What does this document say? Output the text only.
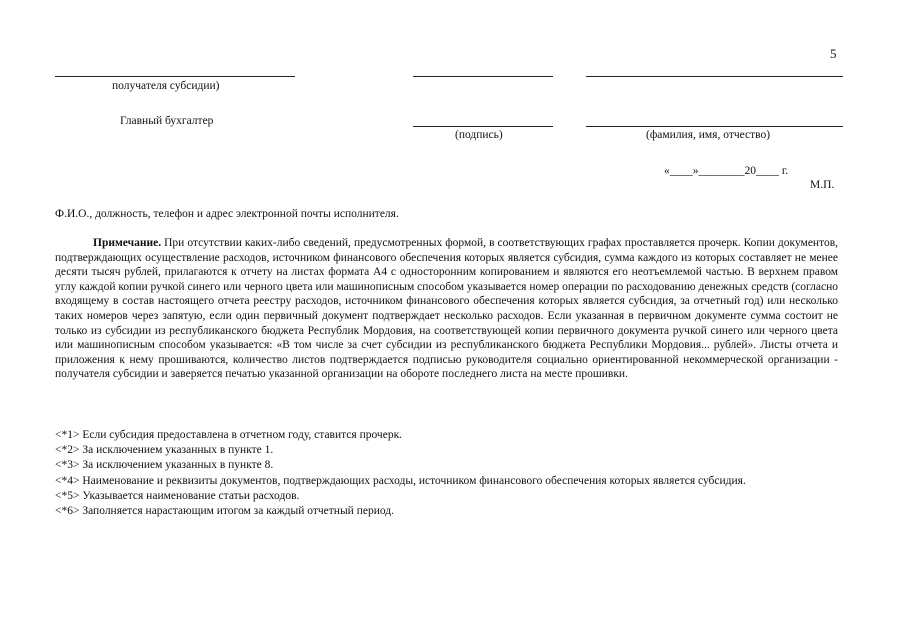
5
получателя субсидии)
Главный бухгалтер
(подпись)	(фамилия, имя, отчество)
«____»________20____ г.
М.П.
Ф.И.О., должность, телефон и адрес электронной почты исполнителя.
Примечание. При отсутствии каких-либо сведений, предусмотренных формой, в соответствующих графах проставляется прочерк. Копии документов, подтверждающих осуществление расходов, источником финансового обеспечения которых является субсидия, сумма каждого из которых составляет не менее десяти тысяч рублей, прилагаются к отчету на листах формата А4 с односторонним копированием и являются его неотъемлемой частью. В верхнем правом углу каждой копии ручкой синего или черного цвета или машинописным способом указывается номер операции по расходованию денежных средств (согласно входящему в состав настоящего отчета реестру расходов, источником финансового обеспечения которых является субсидия, за отчетный год) или несколько таких номеров через запятую, если один первичный документ подтверждает несколько расходов. Если указанная в первичном документе сумма состоит не только из субсидии из республиканского бюджета Республик Мордовия, на соответствующей копии первичного документа ручкой синего или черного цвета или машинописным способом указывается: «В том числе за счет субсидии из республиканского бюджета Республики Мордовия... рублей». Листы отчета и приложения к нему прошиваются, количество листов подтверждается подписью руководителя социально ориентированной некоммерческой организации - получателя субсидии и заверяется печатью указанной организации на обороте последнего листа на месте прошивки.
<*1> Если субсидия предоставлена в отчетном году, ставится прочерк.
<*2> За исключением указанных в пункте 1.
<*3> За исключением указанных в пункте 8.
<*4> Наименование и реквизиты документов, подтверждающих расходы, источником финансового обеспечения которых является субсидия.
<*5> Указывается наименование статьи расходов.
<*6> Заполняется нарастающим итогом за каждый отчетный период.
